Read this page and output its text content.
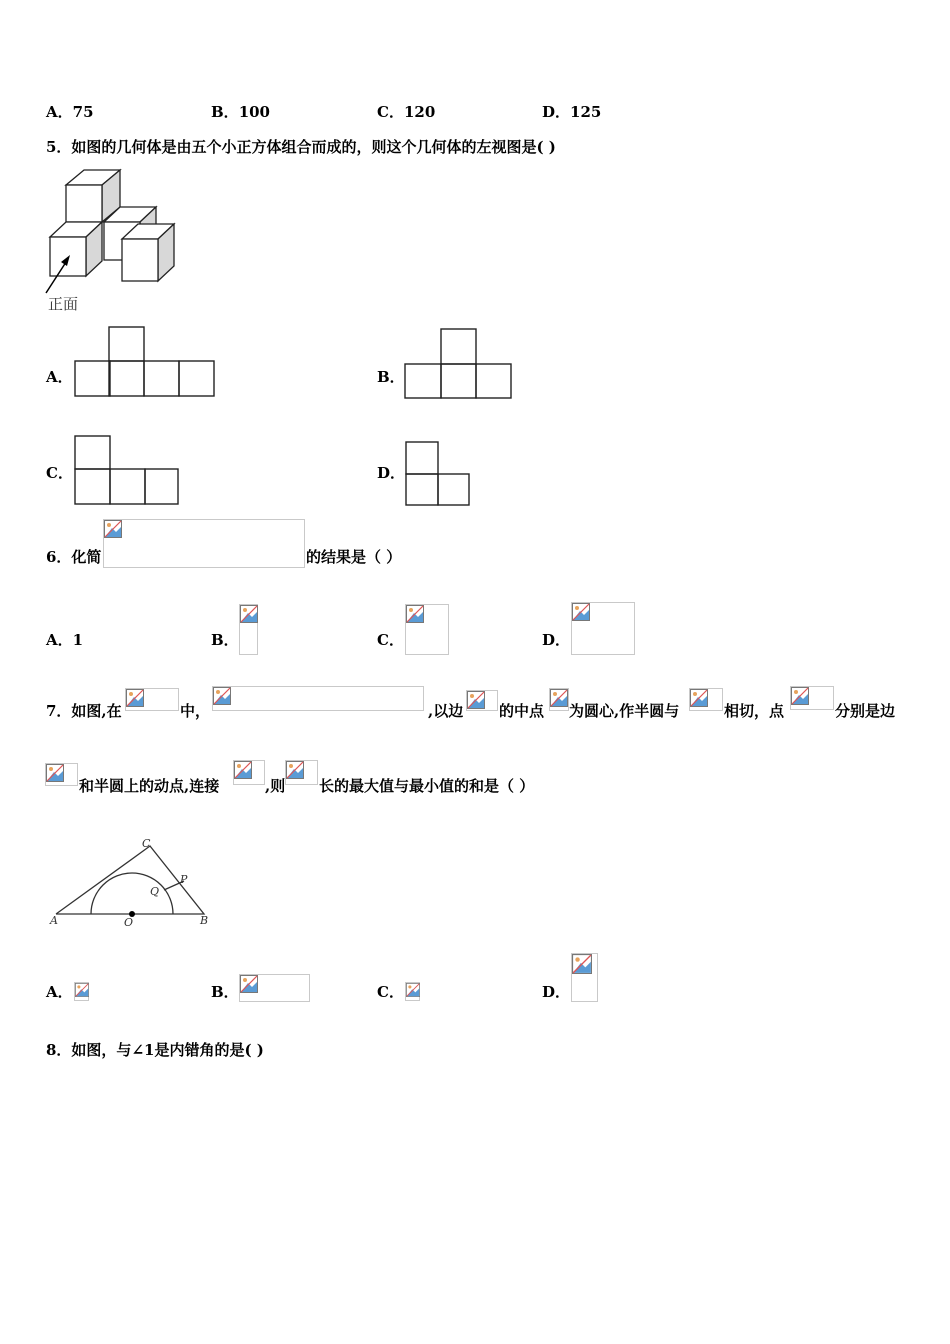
A．75	B．100	C．120	D．125
5．如图的几何体是由五个小正方体组合而成的，则这个几何体的左视图是( )
正面
A．	B．
C．	D．
6．化简	的结果是（ ）
A．1	B．	C．	D．
7．如图,在	中，	,以边 的中点 为圆心,作半圆与	相切，点	分别是边
和半圆上的动点,连接	,则 长的最大值与最小值的和是（ ）
C
A	B
O
P
Q
A．	B．	C．	D．
8．如图，与∠1是内错角的是( )
